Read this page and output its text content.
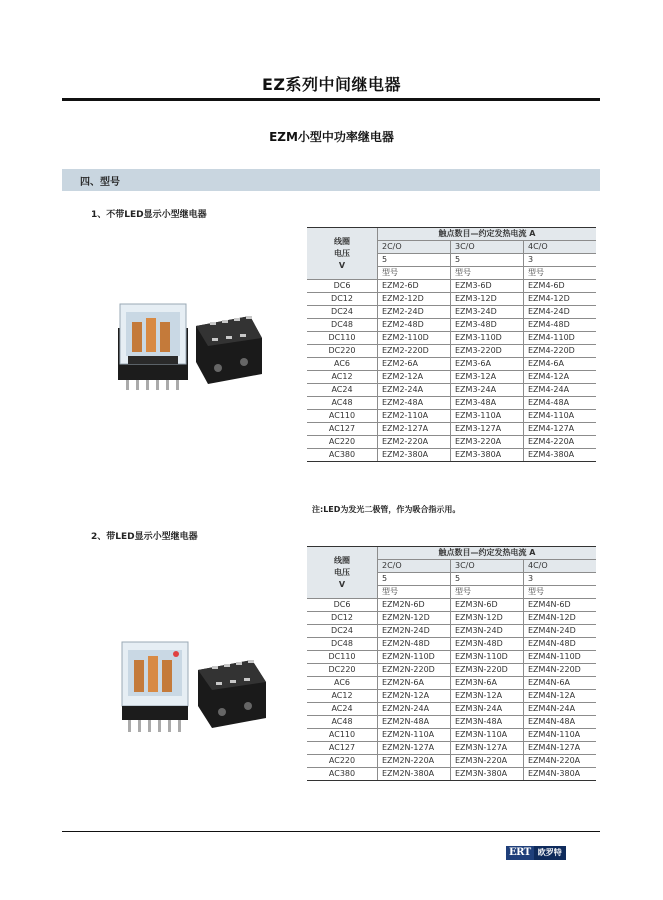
EZ系列中间继电器
EZM小型中功率继电器
四、型号
1、不带LED显示小型继电器
线圈
电压
V	触点数目—约定发热电流 A		
	2C/O	3C/O	4C/O
	5	5	3
	型号	型号	型号
DC6	EZM2-6D	EZM3-6D	EZM4-6D
DC12	EZM2-12D	EZM3-12D	EZM4-12D
DC24	EZM2-24D	EZM3-24D	EZM4-24D
DC48	EZM2-48D	EZM3-48D	EZM4-48D
DC110	EZM2-110D	EZM3-110D	EZM4-110D
DC220	EZM2-220D	EZM3-220D	EZM4-220D
AC6	EZM2-6A	EZM3-6A	EZM4-6A
AC12	EZM2-12A	EZM3-12A	EZM4-12A
AC24	EZM2-24A	EZM3-24A	EZM4-24A
AC48	EZM2-48A	EZM3-48A	EZM4-48A
AC110	EZM2-110A	EZM3-110A	EZM4-110A
AC127	EZM2-127A	EZM3-127A	EZM4-127A
AC220	EZM2-220A	EZM3-220A	EZM4-220A
AC380	EZM2-380A	EZM3-380A	EZM4-380A
注:LED为发光二极管，作为吸合指示用。
2、带LED显示小型继电器
线圈
电压
V	触点数目—约定发热电流 A		
	2C/O	3C/O	4C/O
	5	5	3
	型号	型号	型号
DC6	EZM2N-6D	EZM3N-6D	EZM4N-6D
DC12	EZM2N-12D	EZM3N-12D	EZM4N-12D
DC24	EZM2N-24D	EZM3N-24D	EZM4N-24D
DC48	EZM2N-48D	EZM3N-48D	EZM4N-48D
DC110	EZM2N-110D	EZM3N-110D	EZM4N-110D
DC220	EZM2N-220D	EZM3N-220D	EZM4N-220D
AC6	EZM2N-6A	EZM3N-6A	EZM4N-6A
AC12	EZM2N-12A	EZM3N-12A	EZM4N-12A
AC24	EZM2N-24A	EZM3N-24A	EZM4N-24A
AC48	EZM2N-48A	EZM3N-48A	EZM4N-48A
AC110	EZM2N-110A	EZM3N-110A	EZM4N-110A
AC127	EZM2N-127A	EZM3N-127A	EZM4N-127A
AC220	EZM2N-220A	EZM3N-220A	EZM4N-220A
AC380	EZM2N-380A	EZM3N-380A	EZM4N-380A
ERT 欧罗特
